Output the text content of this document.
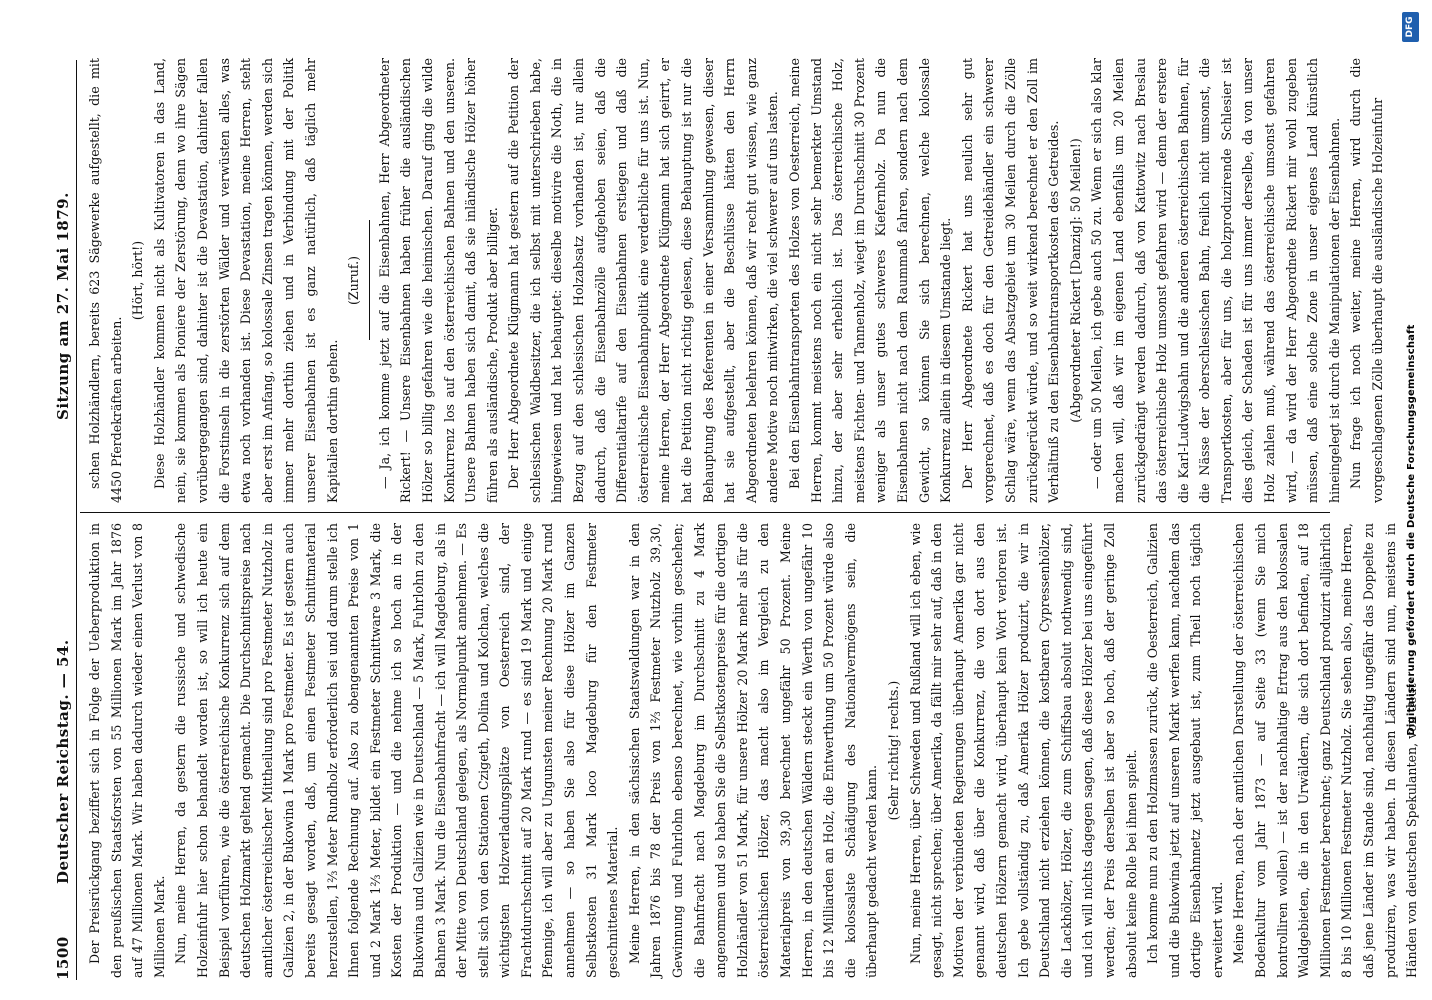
1500
Deutscher Reichstag. — 54.
Sitzung am 27. Mai 1879.

Der Preisrückgang beziffert sich in Folge der Ueberproduktion in den preußischen Staatsforsten von 55 Millionen Mark im Jahr 1876 auf 47 Millionen Mark. Wir haben dadurch wieder einen Verlust von 8 Millionen Mark. Nun, meine Herren, da gestern die russische und schwedische Holzeinfuhr hier schon behandelt worden ist, so will ich heute ein Beispiel vorführen, wie die österreichische Konkurrenz sich auf dem deutschen Holzmarkt geltend gemacht. Die Durchschnittspreise nach amtlicher österreichischer Mittheilung sind pro Festmeter Nutzholz in Galizien 2, in der Bukowina 1 Mark pro Festmeter. Es ist gestern auch bereits gesagt worden, daß, um einen Festmeter Schnittmaterial herzustellen, 1⅔ Meter Rundholz erforderlich sei und darum stelle ich Ihnen folgende Rechnung auf. Also zu obengenannten Preise von 1 und 2 Mark 1⅔ Meter, bildet ein Festmeter Schnittware 3 Mark, die Kosten der Produktion — und die nehme ich so hoch an in der Bukowina und Galizien wie in Deutschland — 5 Mark, Fuhrlohn zu den Bahnen 3 Mark. Nun die Eisenbahnfracht — ich will Magdeburg, als in der Mitte von Deutschland gelegen, als Normalpunkt annehmen. — Es stellt sich von den Stationen Czigeth, Dolina und Kolchan, welches die wichtigsten Holzverladungsplätze von Oesterreich sind, der Frachtdurchschnitt auf 20 Mark rund — es sind 19 Mark und einige Pfennige, ich will aber zu Ungunsten meiner Rechnung 20 Mark rund annehmen — so haben Sie also für diese Hölzer im Ganzen Selbstkosten 31 Mark loco Magdeburg für den Festmeter geschnittenes Material. Meine Herren, in den sächsischen Staatswaldungen war in den Jahren 1876 bis 78 der Preis von 1⅔ Festmeter Nutzholz 39,30, Gewinnung und Fuhrlohn ebenso berechnet, wie vorhin geschehen; die Bahnfracht nach Magdeburg im Durchschnitt zu 4 Mark angenommen und so haben Sie die Selbstkostenpreise für die dortigen Holzhändler von 51 Mark, für unsere Hölzer 20 Mark mehr als für die österreichischen Hölzer, das macht also im Vergleich zu den Materialpreis von 39,30 berechnet ungefähr 50 Prozent. Meine Herren, in den deutschen Wäldern steckt ein Werth von ungefähr 10 bis 12 Milliarden an Holz, die Entwerthung um 50 Prozent würde also die kolossalste Schädigung des Nationalvermögens sein, die überhaupt gedacht werden kann.

(Sehr richtig! rechts.) Nun, meine Herren, über Schweden und Rußland will ich eben, wie gesagt, nicht sprechen; über Amerika, da fällt mir sehr auf, daß in den Motiven der verbündeten Regierungen überhaupt Amerika gar nicht genannt wird, daß über die Konkurrenz, die von dort aus den deutschen Hölzern gemacht wird, überhaupt kein Wort verloren ist. Ich gebe vollständig zu, daß Amerika Hölzer produzirt, die wir in Deutschland nicht erziehen können, die kostbaren Cypressenhölzer, die Lackhölzer, Hölzer, die zum Schiffsbau absolut nothwendig sind, und ich will nichts dagegen sagen, daß diese Hölzer bei uns eingeführt werden; der Preis derselben ist aber so hoch, daß der geringe Zoll absolut keine Rolle bei ihnen spielt. Ich komme nun zu den Holzmassen zurück, die Oesterreich, Galizien und die Bukowina jetzt auf unseren Markt werfen kann, nachdem das dortige Eisenbahnnetz jetzt ausgebaut ist, zum Theil noch täglich erweitert wird. Meine Herren, nach der amtlichen Darstellung der österreichischen Bodenkultur vom Jahr 1873 — auf Seite 33 (wenn Sie mich kontrolliren wollen) — ist der nachhaltige Ertrag aus den kolossalen Waldgebieten, die in den Urwäldern, die sich dort befinden, auf 18 Millionen Festmeter berechnet; ganz Deutschland produzirt alljährlich 8 bis 10 Millionen Festmeter Nutzholz. Sie sehen also, meine Herren, daß jene Länder im Stande sind, nachhaltig ungefähr das Doppelte zu produziren, was wir haben. In diesen Ländern sind nun, meistens in Händen von deutschen Spekulanten, von deut-

schen Holzhändlern, bereits 623 Sägewerke aufgestellt, die mit 4450 Pferdekräften arbeiten.

(Hört, hört!) Diese Holzhändler kommen nicht als Kultivatoren in das Land, nein, sie kommen als Pioniere der Zerstörung, denn wo ihre Sägen vorübergegangen sind, dahinter ist die Devastation, dahinter fallen die Forstinseln in die zerstörten Wälder und verwüsten alles, was etwa noch vorhanden ist. Diese Devastation, meine Herren, steht aber erst im Anfang, so kolossale Zinsen tragen können, werden sich immer mehr dorthin ziehen und in Verbindung mit der Politik unserer Eisenbahnen ist es ganz natürlich, daß täglich mehr Kapitalien dorthin gehen.

(Zuruf.) — Ja, ich komme jetzt auf die Eisenbahnen, Herr Abgeordneter Rickert! — Unsere Eisenbahnen haben früher die ausländischen Hölzer so billig gefahren wie die heimischen. Darauf ging die wilde Konkurrenz los auf den österreichischen Bahnen und den unseren. Unsere Bahnen haben sich damit, daß sie inländische Hölzer höher führen als ausländische, Produkt aber billiger. Der Herr Abgeordnete Klügmann hat gestern auf die Petition der schlesischen Waldbesitzer, die ich selbst mit unterschrieben habe, hingewiesen und hat behauptet: dieselbe motivire die Noth, die in Bezug auf den schlesischen Holzabsatz vorhanden ist, nur allein dadurch, daß die Eisenbahnzölle aufgehoben seien, daß die Differentialtarife auf den Eisenbahnen erstiegen und daß die österreichische Eisenbahnpolitik eine verderbliche für uns ist. Nun, meine Herren, der Herr Abgeordnete Klügmann hat sich geirrt, er hat die Petition nicht richtig gelesen, diese Behauptung ist nur die Behauptung des Referenten in einer Versammlung gewesen, dieser hat sie aufgestellt, aber die Beschlüsse hätten den Herrn Abgeordneten belehren können, daß wir recht gut wissen, wie ganz andere Motive noch mitwirken, die viel schwerer auf uns lasten. Bei den Eisenbahntransporten des Holzes von Oesterreich, meine Herren, kommt meistens noch ein nicht sehr bemerkter Umstand hinzu, der aber sehr erheblich ist. Das österreichische Holz, meistens Fichten- und Tannenholz, wiegt im Durchschnitt 30 Prozent weniger als unser gutes schweres Kiefernholz. Da nun die Eisenbahnen nicht nach dem Raummaß fahren, sondern nach dem Gewicht, so können Sie sich berechnen, welche kolossale Konkurrenz allein in diesem Umstande liegt. Der Herr Abgeordnete Rickert hat uns neulich sehr gut vorgerechnet, daß es doch für den Getreidehändler ein schwerer Schlag wäre, wenn das Absatzgebiet um 30 Meilen durch die Zölle zurückgerückt würde, und so weit wirkend berechnet er den Zoll im Verhältniß zu den Eisenbahntransportkosten des Getreides. (Abgeordneter Rickert [Danzig]: 50 Meilen!) — oder um 50 Meilen, ich gebe auch 50 zu. Wenn er sich also klar machen will, daß wir im eigenen Land ebenfalls um 20 Meilen zurückgedrängt werden dadurch, daß von Kattowitz nach Breslau das österreichische Holz umsonst gefahren wird — denn der erstere die Karl-Ludwigsbahn und die anderen österreichischen Bahnen, für die Nässe der oberschlesischen Bahn, freilich nicht umsonst, die Transportkosten, aber für uns, die holzproduzirende Schlesier ist dies gleich, der Schaden ist für uns immer derselbe, da von unser Holz zahlen muß, während das österreichische umsonst gefahren wird, — da wird der Herr Abgeordnete Rickert mir wohl zugeben müssen, daß eine solche Zone in unser eigenes Land künstlich hineingelegt ist durch die Manipulationen der Eisenbahnen. Nun frage ich noch weiter, meine Herren, wird durch die vorgeschlagenen Zölle überhaupt die ausländische Holzeinfuhr

Digitalisierung gefördert durch die Deutsche Forschungsgemeinschaft
DFG
